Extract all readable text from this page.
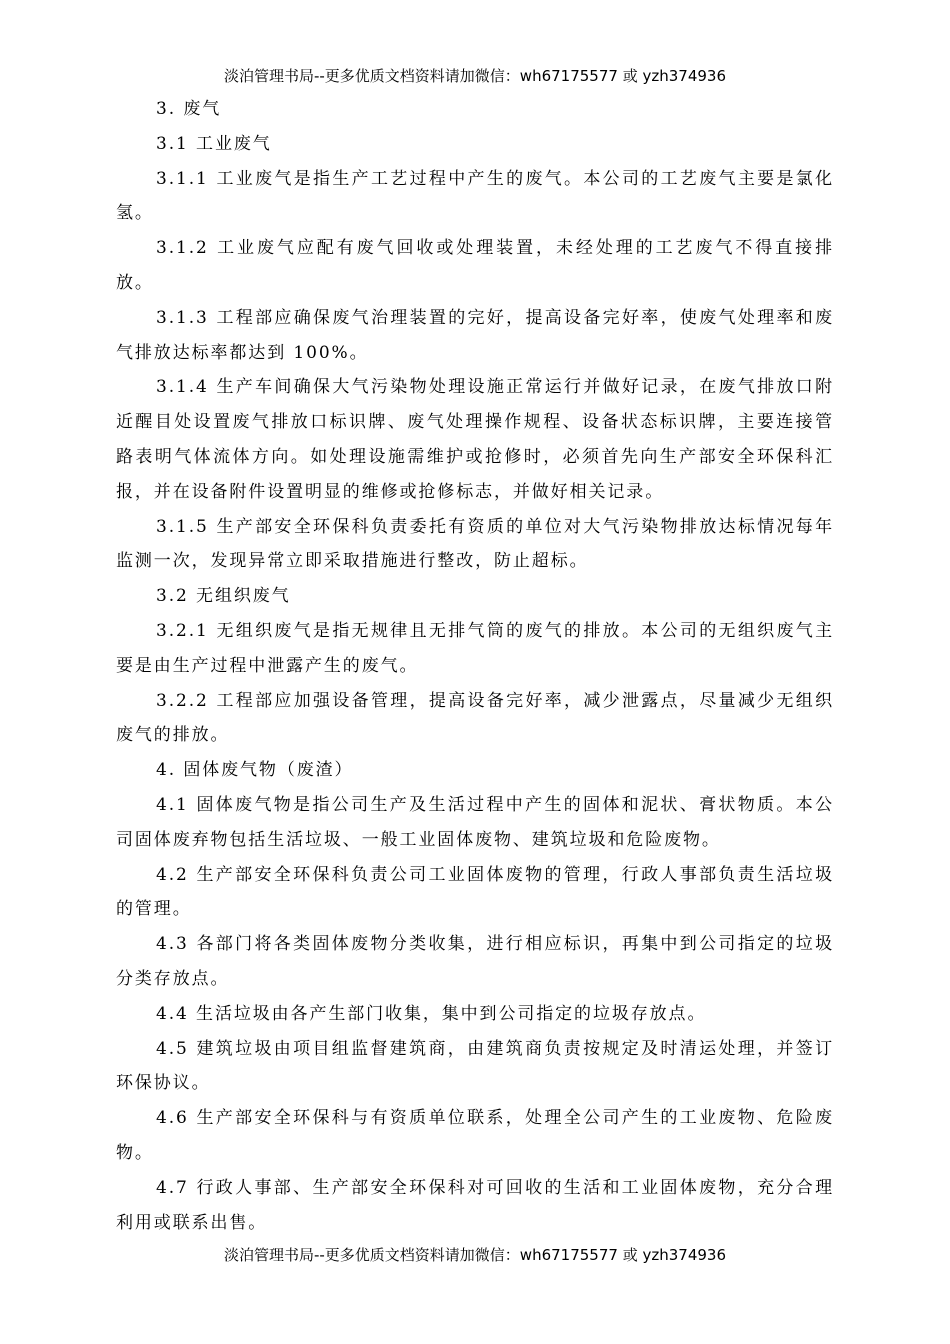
淡泊管理书局--更多优质文档资料请加微信：wh67175577 或 yzh374936

3. 废气

3.1 工业废气

3.1.1 工业废气是指生产工艺过程中产生的废气。本公司的工艺废气主要是氯化氢。

3.1.2 工业废气应配有废气回收或处理装置，未经处理的工艺废气不得直接排放。

3.1.3 工程部应确保废气治理装置的完好，提高设备完好率，使废气处理率和废气排放达标率都达到 100%。

3.1.4 生产车间确保大气污染物处理设施正常运行并做好记录，在废气排放口附近醒目处设置废气排放口标识牌、废气处理操作规程、设备状态标识牌，主要连接管路表明气体流体方向。如处理设施需维护或抢修时，必须首先向生产部安全环保科汇报，并在设备附件设置明显的维修或抢修标志，并做好相关记录。

3.1.5 生产部安全环保科负责委托有资质的单位对大气污染物排放达标情况每年监测一次，发现异常立即采取措施进行整改，防止超标。

3.2 无组织废气

3.2.1 无组织废气是指无规律且无排气筒的废气的排放。本公司的无组织废气主要是由生产过程中泄露产生的废气。

3.2.2 工程部应加强设备管理，提高设备完好率，减少泄露点，尽量减少无组织废气的排放。

4. 固体废气物（废渣）

4.1 固体废气物是指公司生产及生活过程中产生的固体和泥状、膏状物质。本公司固体废弃物包括生活垃圾、一般工业固体废物、建筑垃圾和危险废物。

4.2 生产部安全环保科负责公司工业固体废物的管理，行政人事部负责生活垃圾的管理。

4.3 各部门将各类固体废物分类收集，进行相应标识，再集中到公司指定的垃圾分类存放点。

4.4 生活垃圾由各产生部门收集，集中到公司指定的垃圾存放点。

4.5 建筑垃圾由项目组监督建筑商，由建筑商负责按规定及时清运处理，并签订环保协议。

4.6 生产部安全环保科与有资质单位联系，处理全公司产生的工业废物、危险废物。

4.7 行政人事部、生产部安全环保科对可回收的生活和工业固体废物，充分合理利用或联系出售。

淡泊管理书局--更多优质文档资料请加微信：wh67175577 或 yzh374936
